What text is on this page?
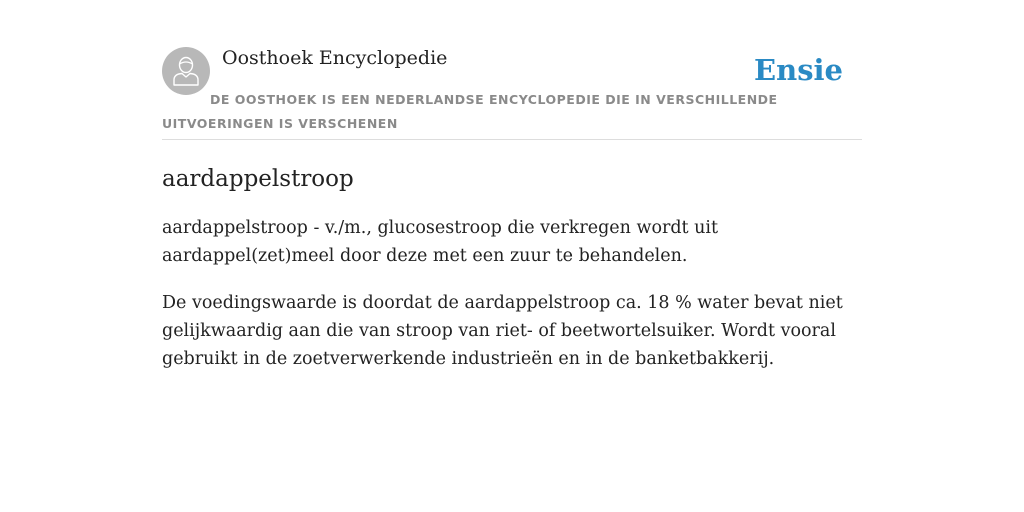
Oosthoek Encyclopedie	Ensie
DE OOSTHOEK IS EEN NEDERLANDSE ENCYCLOPEDIE DIE IN VERSCHILLENDE UITVOERINGEN IS VERSCHENEN
aardappelstroop

aardappelstroop - v./m., glucosestroop die verkregen wordt uit aardappel(zet)meel door deze met een zuur te behandelen.

De voedingswaarde is doordat de aardappelstroop ca. 18 % water bevat niet gelijkwaardig aan die van stroop van riet- of beetwortelsuiker. Wordt vooral gebruikt in de zoetverwerkende industrieën en in de banketbakkerij.
